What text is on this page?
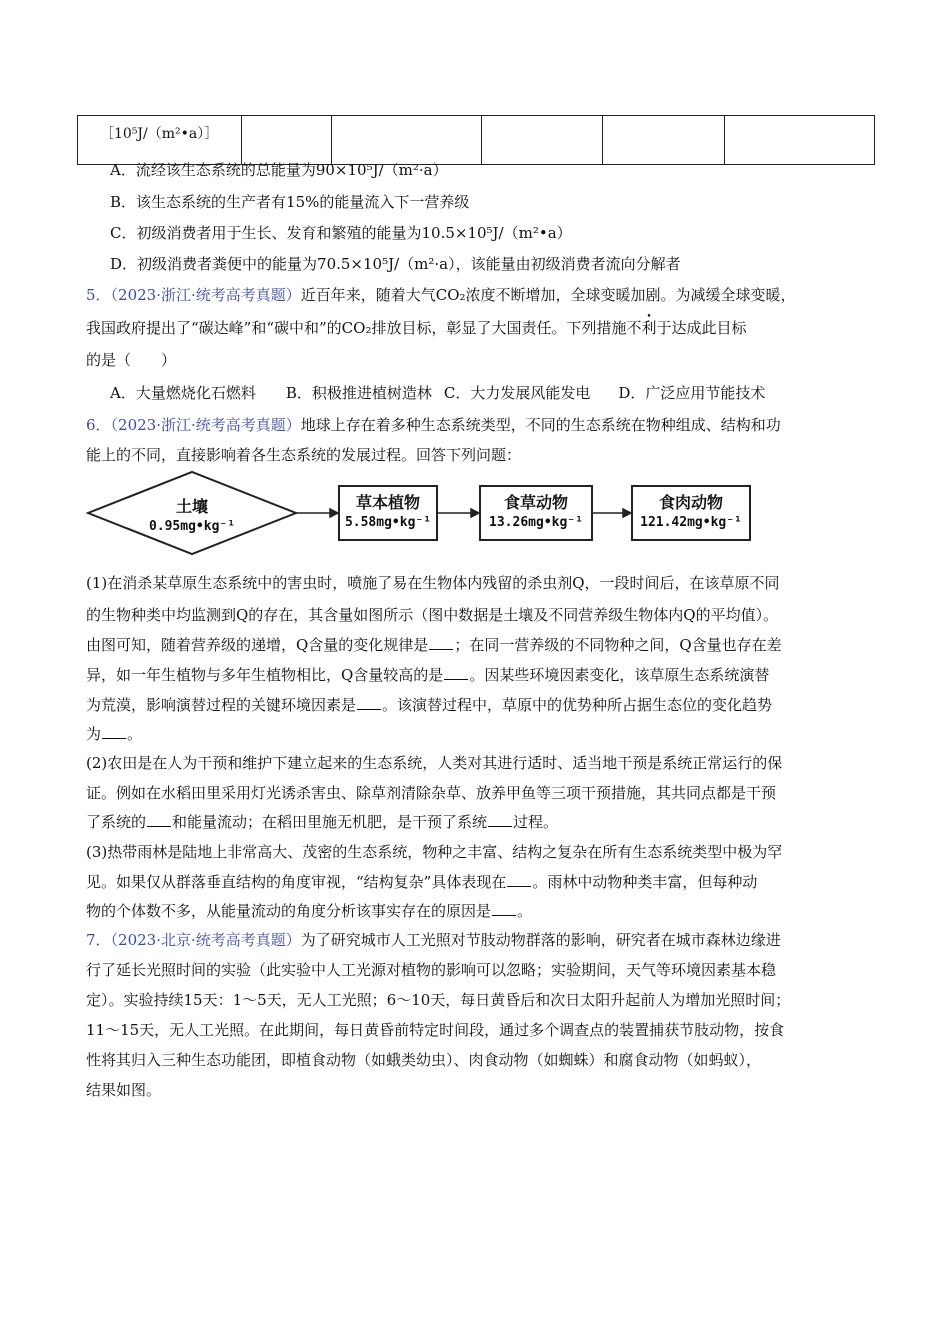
［10⁵J/（m²•a）］					
A．流经该生态系统的总能量为90×10⁵J/（m²·a）
B．该生态系统的生产者有15%的能量流入下一营养级
C．初级消费者用于生长、发育和繁殖的能量为10.5×10⁵J/（m²•a）
D．初级消费者粪便中的能量为70.5×10⁵J/（m²·a），该能量由初级消费者流向分解者
5．（2023·浙江·统考高考真题）近百年来，随着大气CO₂浓度不断增加，全球变暖加剧。为减缓全球变暖，
我国政府提出了“碳达峰”和“碳中和”的CO₂排放目标，彰显了大国责任。下列措施不利于达成此目标
的是（　　）
A．大量燃烧化石燃料 B．积极推进植树造林 C．大力发展风能发电 D．广泛应用节能技术
6．（2023·浙江·统考高考真题）地球上存在着多种生态系统类型，不同的生态系统在物种组成、结构和功
能上的不同，直接影响着各生态系统的发展过程。回答下列问题：
土壤
0.95mg•kg⁻¹
草本植物
5.58mg•kg⁻¹
食草动物
13.26mg•kg⁻¹
食肉动物
121.42mg•kg⁻¹
(1)在消杀某草原生态系统中的害虫时，喷施了易在生物体内残留的杀虫剂Q，一段时间后，在该草原不同
的生物种类中均监测到Q的存在，其含量如图所示（图中数据是土壤及不同营养级生物体内Q的平均值）。
由图可知，随着营养级的递增，Q含量的变化规律是 ；在同一营养级的不同物种之间，Q含量也存在差
异，如一年生植物与多年生植物相比，Q含量较高的是 。因某些环境因素变化，该草原生态系统演替
为荒漠，影响演替过程的关键环境因素是 。该演替过程中，草原中的优势种所占据生态位的变化趋势
为 。
(2)农田是在人为干预和维护下建立起来的生态系统，人类对其进行适时、适当地干预是系统正常运行的保
证。例如在水稻田里采用灯光诱杀害虫、除草剂清除杂草、放养甲鱼等三项干预措施，其共同点都是干预
了系统的 和能量流动；在稻田里施无机肥，是干预了系统 过程。
(3)热带雨林是陆地上非常高大、茂密的生态系统，物种之丰富、结构之复杂在所有生态系统类型中极为罕
见。如果仅从群落垂直结构的角度审视，“结构复杂”具体表现在 。雨林中动物种类丰富，但每种动
物的个体数不多，从能量流动的角度分析该事实存在的原因是 。
7．（2023·北京·统考高考真题）为了研究城市人工光照对节肢动物群落的影响，研究者在城市森林边缘进
行了延长光照时间的实验（此实验中人工光源对植物的影响可以忽略；实验期间，天气等环境因素基本稳
定）。实验持续15天：1～5天，无人工光照；6～10天，每日黄昏后和次日太阳升起前人为增加光照时间；
11～15天，无人工光照。在此期间，每日黄昏前特定时间段，通过多个调查点的装置捕获节肢动物，按食
性将其归入三种生态功能团，即植食动物（如蛾类幼虫）、肉食动物（如蜘蛛）和腐食动物（如蚂蚁），
结果如图。
